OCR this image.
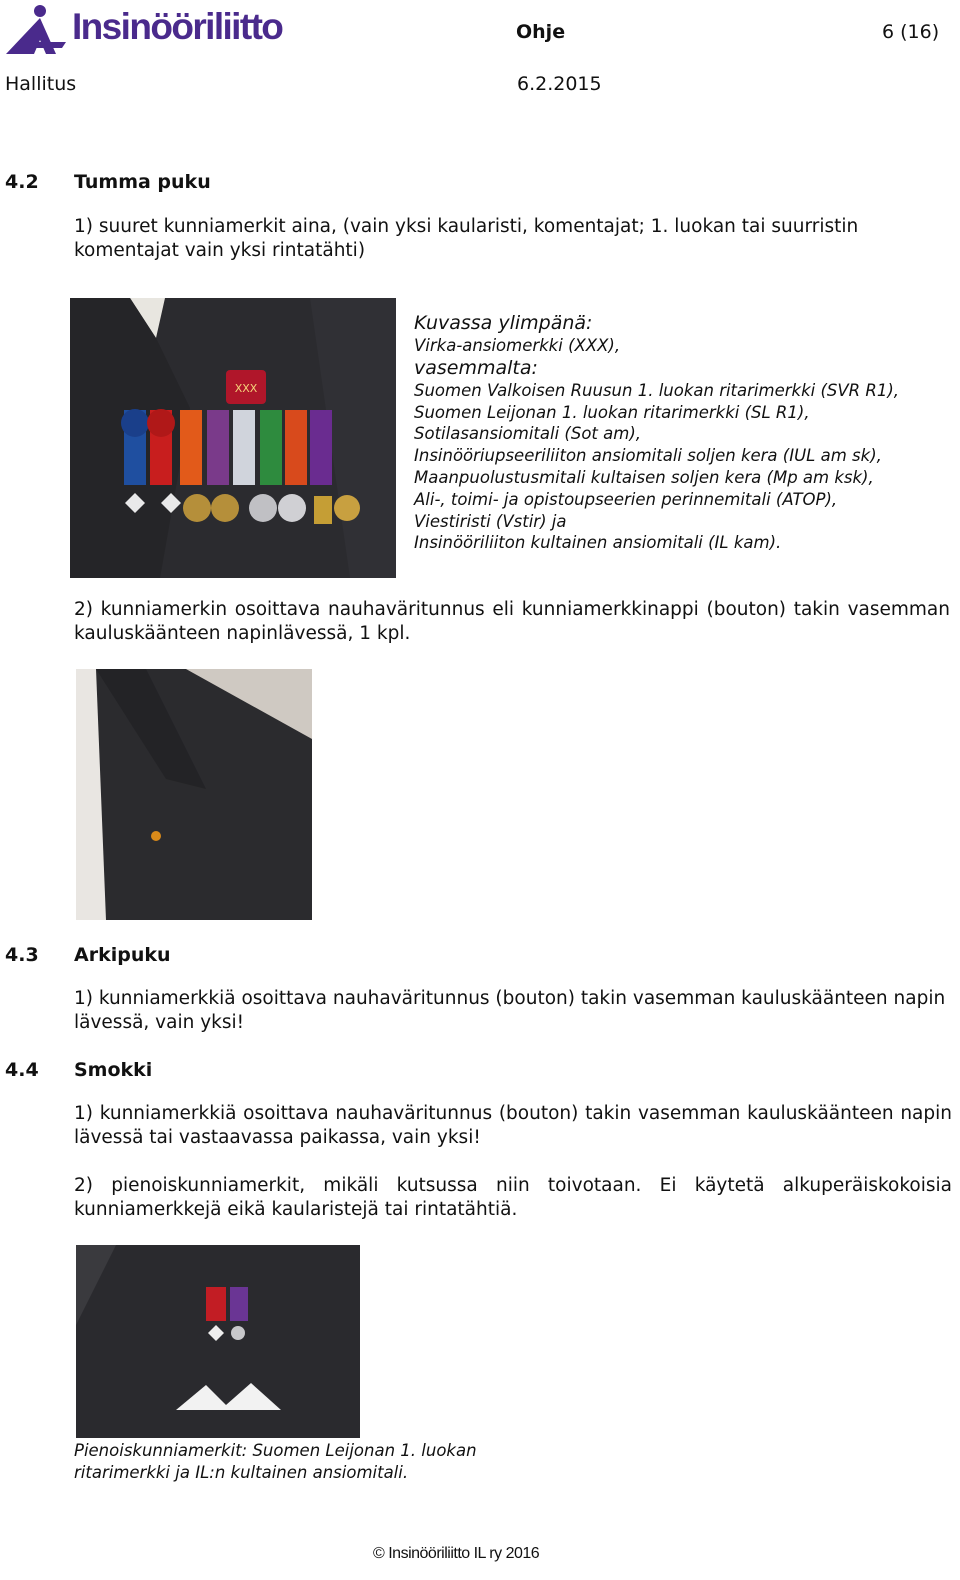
Insinööriliitto	Ohje	6 (16)
Hallitus	6.2.2015
4.2 Tumma puku
1) suuret kunniamerkit aina, (vain yksi kaularisti, komentajat; 1. luokan tai suurristin komentajat vain yksi rintatähti)
XXX
Kuvassa ylimpänä:
Virka-ansiomerkki (XXX),
vasemmalta:
Suomen Valkoisen Ruusun 1. luokan ritarimerkki (SVR R1),
Suomen Leijonan 1. luokan ritarimerkki (SL R1),
Sotilasansiomitali (Sot am),
Insinööriupseeriliiton ansiomitali soljen kera (IUL am sk),
Maanpuolustusmitali kultaisen soljen kera (Mp am ksk),
Ali-, toimi- ja opistoupseerien perinnemitali (ATOP),
Viestiristi (Vstir) ja
Insinööriliiton kultainen ansiomitali (IL kam).
2) kunniamerkin osoittava nauhaväritunnus eli kunniamerkkinappi (bouton) takin vasemman kauluskäänteen napinlävessä, 1 kpl.
4.3 Arkipuku
1) kunniamerkkiä osoittava nauhaväritunnus (bouton) takin vasemman kauluskäänteen napin lävessä, vain yksi!
4.4 Smokki
1) kunniamerkkiä osoittava nauhaväritunnus (bouton) takin vasemman kauluskäänteen napin lävessä tai vastaavassa paikassa, vain yksi!
2) pienoiskunniamerkit, mikäli kutsussa niin toivotaan. Ei käytetä alkuperäiskokoisia kunniamerkkejä eikä kaularistejä tai rintatähtiä.
Pienoiskunniamerkit: Suomen Leijonan 1. luokan
ritarimerkki ja IL:n kultainen ansiomitali.
© Insinööriliitto IL ry 2016
